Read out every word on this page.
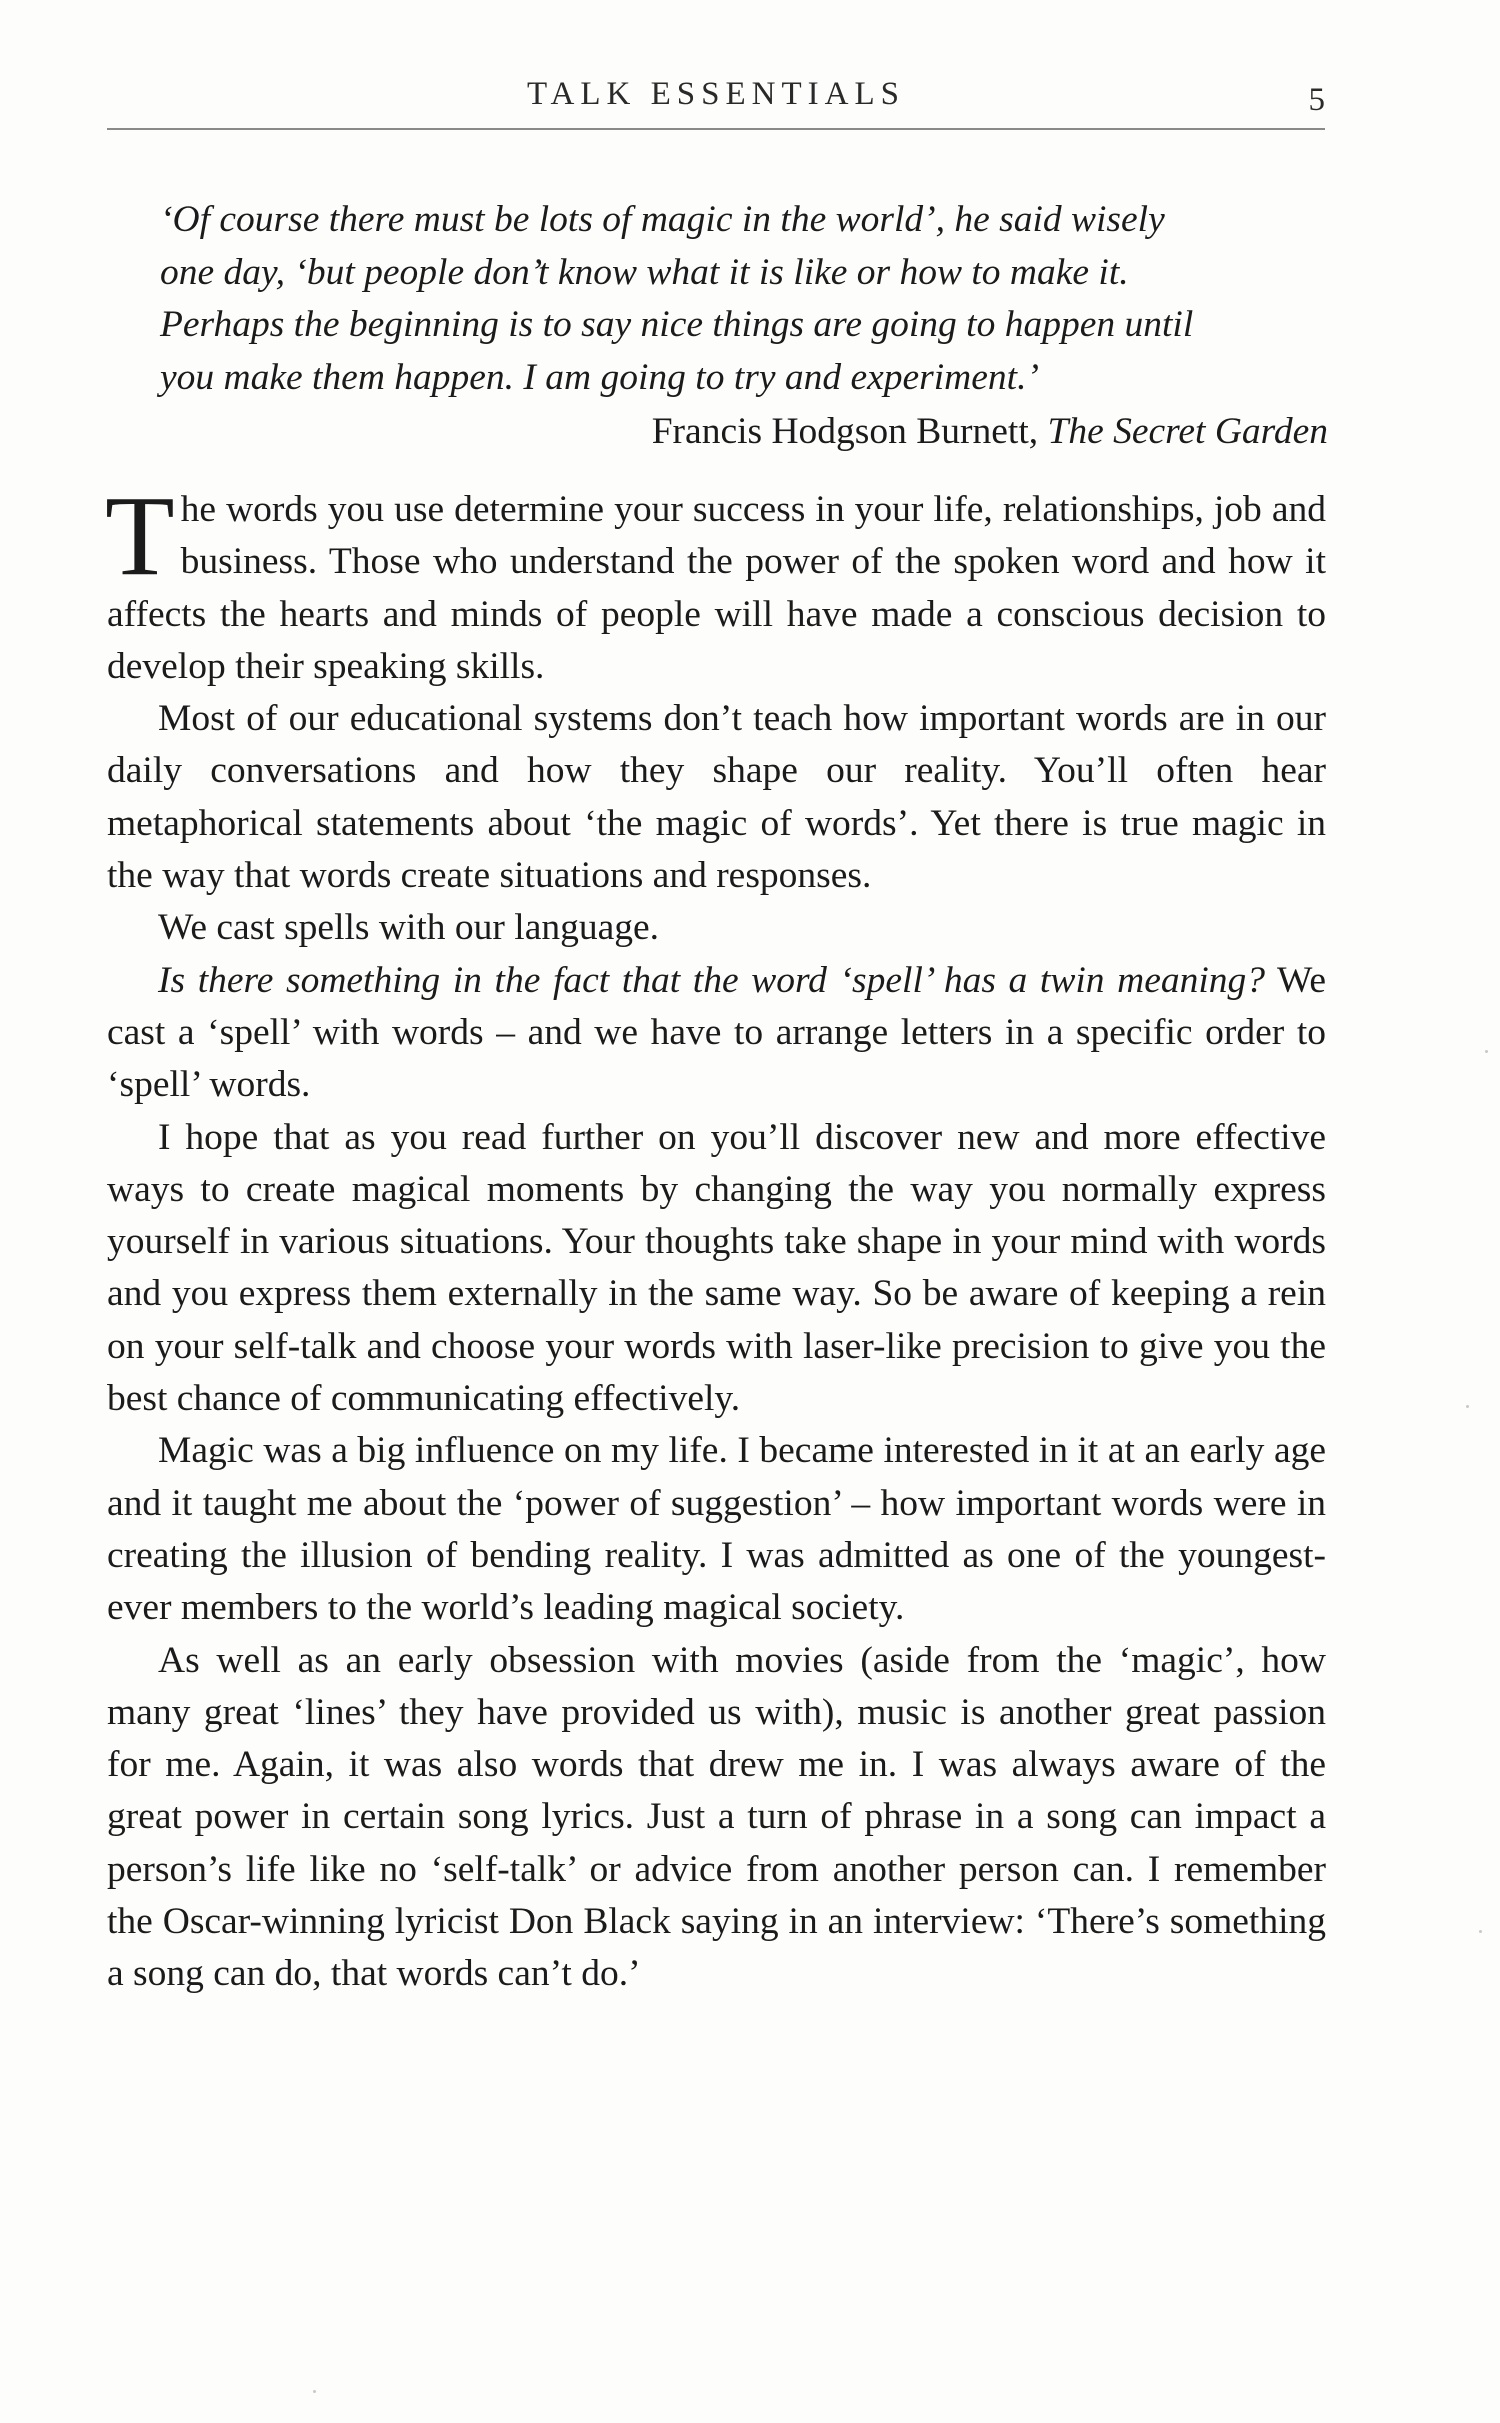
TALK ESSENTIALS	5

‘Of course there must be lots of magic in the world’, he said wisely
one day, ‘but people don’t know what it is like or how to make it.
Perhaps the beginning is to say nice things are going to happen until
you make them happen. I am going to try and experiment.’

Francis Hodgson Burnett, The Secret Garden

The words you use determine your success in your life, relationships, job and business. Those who understand the power of the spoken word and how it affects the hearts and minds of people will have made a conscious decision to develop their speaking skills.

Most of our educational systems don’t teach how important words are in our daily conversations and how they shape our reality. You’ll often hear metaphorical statements about ‘the magic of words’. Yet there is true magic in the way that words create situations and responses.

We cast spells with our language.

Is there something in the fact that the word ‘spell’ has a twin meaning? We cast a ‘spell’ with words – and we have to arrange letters in a specific order to ‘spell’ words.

I hope that as you read further on you’ll discover new and more effective ways to create magical moments by changing the way you normally express yourself in various situations. Your thoughts take shape in your mind with words and you express them externally in the same way. So be aware of keeping a rein on your self-talk and choose your words with laser-like precision to give you the best chance of communicating effectively.

Magic was a big influence on my life. I became interested in it at an early age and it taught me about the ‘power of suggestion’ – how important words were in creating the illusion of bending reality. I was admitted as one of the youngest-ever members to the world’s leading magical society.

As well as an early obsession with movies (aside from the ‘magic’, how many great ‘lines’ they have provided us with), music is another great passion for me. Again, it was also words that drew me in. I was always aware of the great power in certain song lyrics. Just a turn of phrase in a song can impact a person’s life like no ‘self-talk’ or advice from another person can. I remember the Oscar-winning lyricist Don Black saying in an interview: ‘There’s something a song can do, that words can’t do.’
